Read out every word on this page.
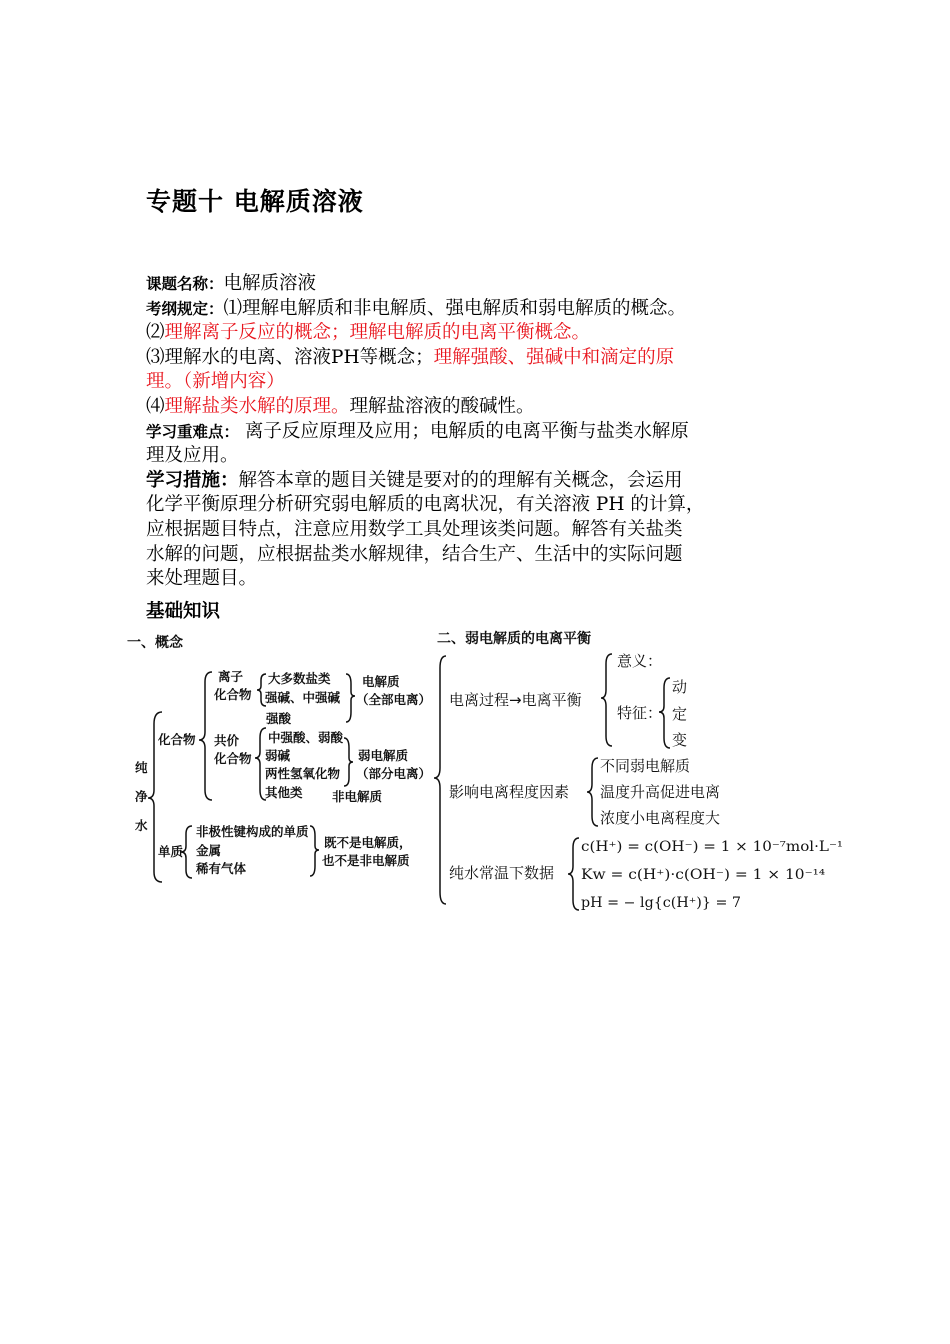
专题十 电解质溶液
课题名称：电解质溶液
考纲规定：⑴理解电解质和非电解质、强电解质和弱电解质的概念。
⑵理解离子反应的概念；理解电解质的电离平衡概念。
⑶理解水的电离、溶液PH等概念；理解强酸、强碱中和滴定的原
理。（新增内容）
⑷理解盐类水解的原理。理解盐溶液的酸碱性。
学习重难点： 离子反应原理及应用；电解质的电离平衡与盐类水解原
理及应用。
学习措施：解答本章的题目关键是要对的的理解有关概念，会运用
化学平衡原理分析研究弱电解质的电离状况，有关溶液 PH 的计算，
应根据题目特点，注意应用数学工具处理该类问题。解答有关盐类
水解的问题，应根据盐类水解规律，结合生产、生活中的实际问题
来处理题目。
基础知识
一、概念
纯
净
水
化合物
离子
化合物
大多数盐类
强碱、中强碱
电解质
（全部电离）
共价
化合物
强酸
中强酸、弱酸
弱碱
两性氢氧化物
其他类
弱电解质
（部分电离）
非电解质
单质
非极性键构成的单质
金属
稀有气体
既不是电解质，
也不是非电解质
二、弱电解质的电离平衡
电离过程→电离平衡
意义：
特征：
动
定
变
影响电离程度因素
不同弱电解质
温度升高促进电离
浓度小电离程度大
纯水常温下数据
c(H⁺) = c(OH⁻) = 1 × 10⁻⁷mol·L⁻¹
Kw = c(H⁺)·c(OH⁻) = 1 × 10⁻¹⁴
pH = − lg{c(H⁺)} = 7
